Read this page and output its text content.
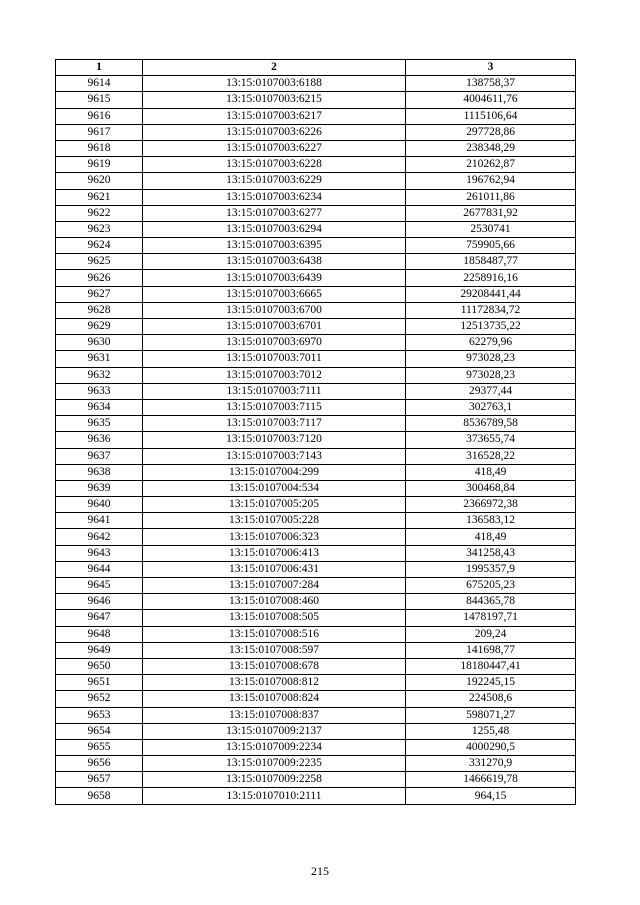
1	2	3
9614	13:15:0107003:6188	138758,37
9615	13:15:0107003:6215	4004611,76
9616	13:15:0107003:6217	1115106,64
9617	13:15:0107003:6226	297728,86
9618	13:15:0107003:6227	238348,29
9619	13:15:0107003:6228	210262,87
9620	13:15:0107003:6229	196762,94
9621	13:15:0107003:6234	261011,86
9622	13:15:0107003:6277	2677831,92
9623	13:15:0107003:6294	2530741
9624	13:15:0107003:6395	759905,66
9625	13:15:0107003:6438	1858487,77
9626	13:15:0107003:6439	2258916,16
9627	13:15:0107003:6665	29208441,44
9628	13:15:0107003:6700	11172834,72
9629	13:15:0107003:6701	12513735,22
9630	13:15:0107003:6970	62279,96
9631	13:15:0107003:7011	973028,23
9632	13:15:0107003:7012	973028,23
9633	13:15:0107003:7111	29377,44
9634	13:15:0107003:7115	302763,1
9635	13:15:0107003:7117	8536789,58
9636	13:15:0107003:7120	373655,74
9637	13:15:0107003:7143	316528,22
9638	13:15:0107004:299	418,49
9639	13:15:0107004:534	300468,84
9640	13:15:0107005:205	2366972,38
9641	13:15:0107005:228	136583,12
9642	13:15:0107006:323	418,49
9643	13:15:0107006:413	341258,43
9644	13:15:0107006:431	1995357,9
9645	13:15:0107007:284	675205,23
9646	13:15:0107008:460	844365,78
9647	13:15:0107008:505	1478197,71
9648	13:15:0107008:516	209,24
9649	13:15:0107008:597	141698,77
9650	13:15:0107008:678	18180447,41
9651	13:15:0107008:812	192245,15
9652	13:15:0107008:824	224508,6
9653	13:15:0107008:837	598071,27
9654	13:15:0107009:2137	1255,48
9655	13:15:0107009:2234	4000290,5
9656	13:15:0107009:2235	331270,9
9657	13:15:0107009:2258	1466619,78
9658	13:15:0107010:2111	964,15
215
